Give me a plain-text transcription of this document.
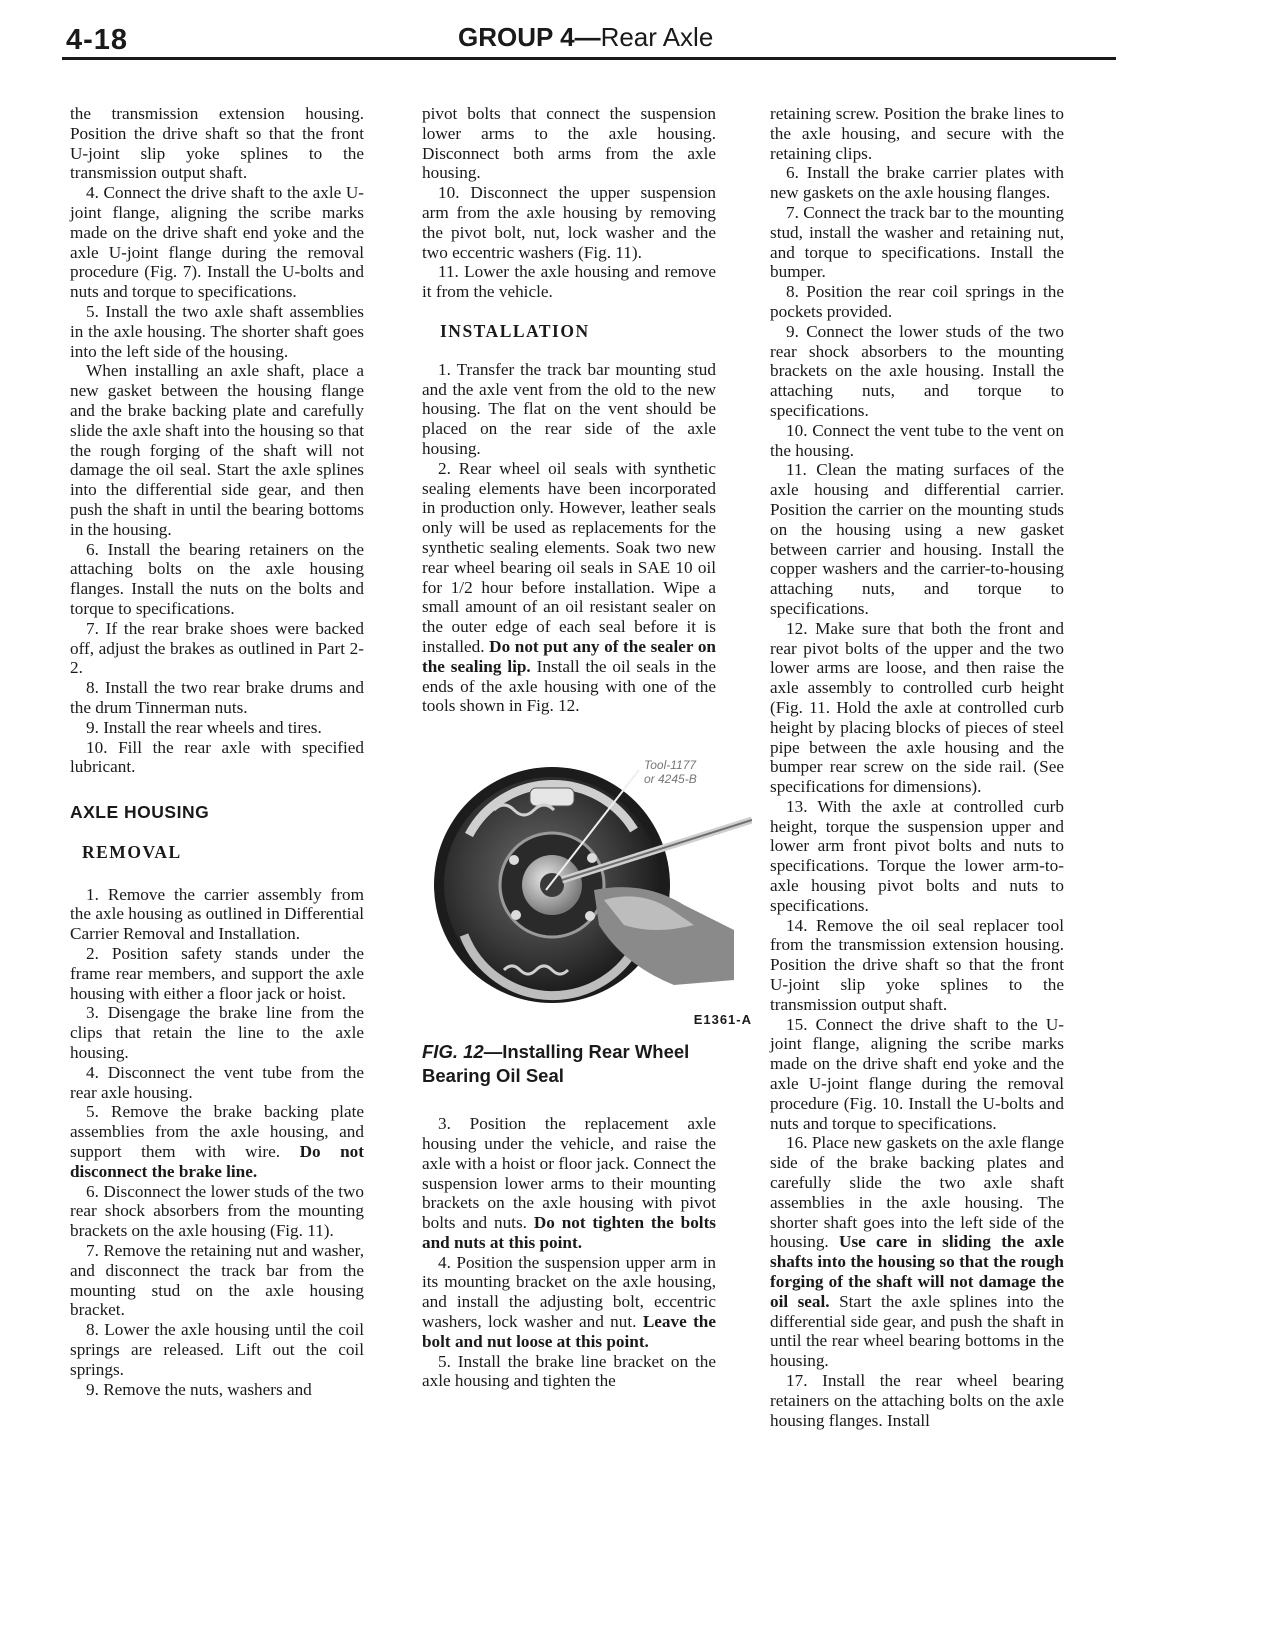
4-18	GROUP 4—Rear Axle

the transmission extension housing. Position the drive shaft so that the front U-joint slip yoke splines to the transmission output shaft.

4. Connect the drive shaft to the axle U-joint flange, aligning the scribe marks made on the drive shaft end yoke and the axle U-joint flange during the removal procedure (Fig. 7). Install the U-bolts and nuts and torque to specifications.

5. Install the two axle shaft assemblies in the axle housing. The shorter shaft goes into the left side of the housing.

When installing an axle shaft, place a new gasket between the housing flange and the brake backing plate and carefully slide the axle shaft into the housing so that the rough forging of the shaft will not damage the oil seal. Start the axle splines into the differential side gear, and then push the shaft in until the bearing bottoms in the housing.

6. Install the bearing retainers on the attaching bolts on the axle housing flanges. Install the nuts on the bolts and torque to specifications.

7. If the rear brake shoes were backed off, adjust the brakes as outlined in Part 2-2.

8. Install the two rear brake drums and the drum Tinnerman nuts.

9. Install the rear wheels and tires.

10. Fill the rear axle with specified lubricant.

AXLE HOUSING

REMOVAL

1. Remove the carrier assembly from the axle housing as outlined in Differential Carrier Removal and Installation.

2. Position safety stands under the frame rear members, and support the axle housing with either a floor jack or hoist.

3. Disengage the brake line from the clips that retain the line to the axle housing.

4. Disconnect the vent tube from the rear axle housing.

5. Remove the brake backing plate assemblies from the axle housing, and support them with wire. Do not disconnect the brake line.

6. Disconnect the lower studs of the two rear shock absorbers from the mounting brackets on the axle housing (Fig. 11).

7. Remove the retaining nut and washer, and disconnect the track bar from the mounting stud on the axle housing bracket.

8. Lower the axle housing until the coil springs are released. Lift out the coil springs.

9. Remove the nuts, washers and

pivot bolts that connect the suspension lower arms to the axle housing. Disconnect both arms from the axle housing.

10. Disconnect the upper suspension arm from the axle housing by removing the pivot bolt, nut, lock washer and the two eccentric washers (Fig. 11).

11. Lower the axle housing and remove it from the vehicle.

INSTALLATION

1. Transfer the track bar mounting stud and the axle vent from the old to the new housing. The flat on the vent should be placed on the rear side of the axle housing.

2. Rear wheel oil seals with synthetic sealing elements have been incorporated in production only. However, leather seals only will be used as replacements for the synthetic sealing elements. Soak two new rear wheel bearing oil seals in SAE 10 oil for 1/2 hour before installation. Wipe a small amount of an oil resistant sealer on the outer edge of each seal before it is installed. Do not put any of the sealer on the sealing lip. Install the oil seals in the ends of the axle housing with one of the tools shown in Fig. 12.

Tool-1177
or 4245-B
E1361-A

FIG. 12—Installing Rear Wheel Bearing Oil Seal

3. Position the replacement axle housing under the vehicle, and raise the axle with a hoist or floor jack. Connect the suspension lower arms to their mounting brackets on the axle housing with pivot bolts and nuts. Do not tighten the bolts and nuts at this point.

4. Position the suspension upper arm in its mounting bracket on the axle housing, and install the adjusting bolt, eccentric washers, lock washer and nut. Leave the bolt and nut loose at this point.

5. Install the brake line bracket on the axle housing and tighten the

retaining screw. Position the brake lines to the axle housing, and secure with the retaining clips.

6. Install the brake carrier plates with new gaskets on the axle housing flanges.

7. Connect the track bar to the mounting stud, install the washer and retaining nut, and torque to specifications. Install the bumper.

8. Position the rear coil springs in the pockets provided.

9. Connect the lower studs of the two rear shock absorbers to the mounting brackets on the axle housing. Install the attaching nuts, and torque to specifications.

10. Connect the vent tube to the vent on the housing.

11. Clean the mating surfaces of the axle housing and differential carrier. Position the carrier on the mounting studs on the housing using a new gasket between carrier and housing. Install the copper washers and the carrier-to-housing attaching nuts, and torque to specifications.

12. Make sure that both the front and rear pivot bolts of the upper and the two lower arms are loose, and then raise the axle assembly to controlled curb height (Fig. 11. Hold the axle at controlled curb height by placing blocks of pieces of steel pipe between the axle housing and the bumper rear screw on the side rail. (See specifications for dimensions).

13. With the axle at controlled curb height, torque the suspension upper and lower arm front pivot bolts and nuts to specifications. Torque the lower arm-to-axle housing pivot bolts and nuts to specifications.

14. Remove the oil seal replacer tool from the transmission extension housing. Position the drive shaft so that the front U-joint slip yoke splines to the transmission output shaft.

15. Connect the drive shaft to the U-joint flange, aligning the scribe marks made on the drive shaft end yoke and the axle U-joint flange during the removal procedure (Fig. 10. Install the U-bolts and nuts and torque to specifications.

16. Place new gaskets on the axle flange side of the brake backing plates and carefully slide the two axle shaft assemblies in the axle housing. The shorter shaft goes into the left side of the housing. Use care in sliding the axle shafts into the housing so that the rough forging of the shaft will not damage the oil seal. Start the axle splines into the differential side gear, and push the shaft in until the rear wheel bearing bottoms in the housing.

17. Install the rear wheel bearing retainers on the attaching bolts on the axle housing flanges. Install
